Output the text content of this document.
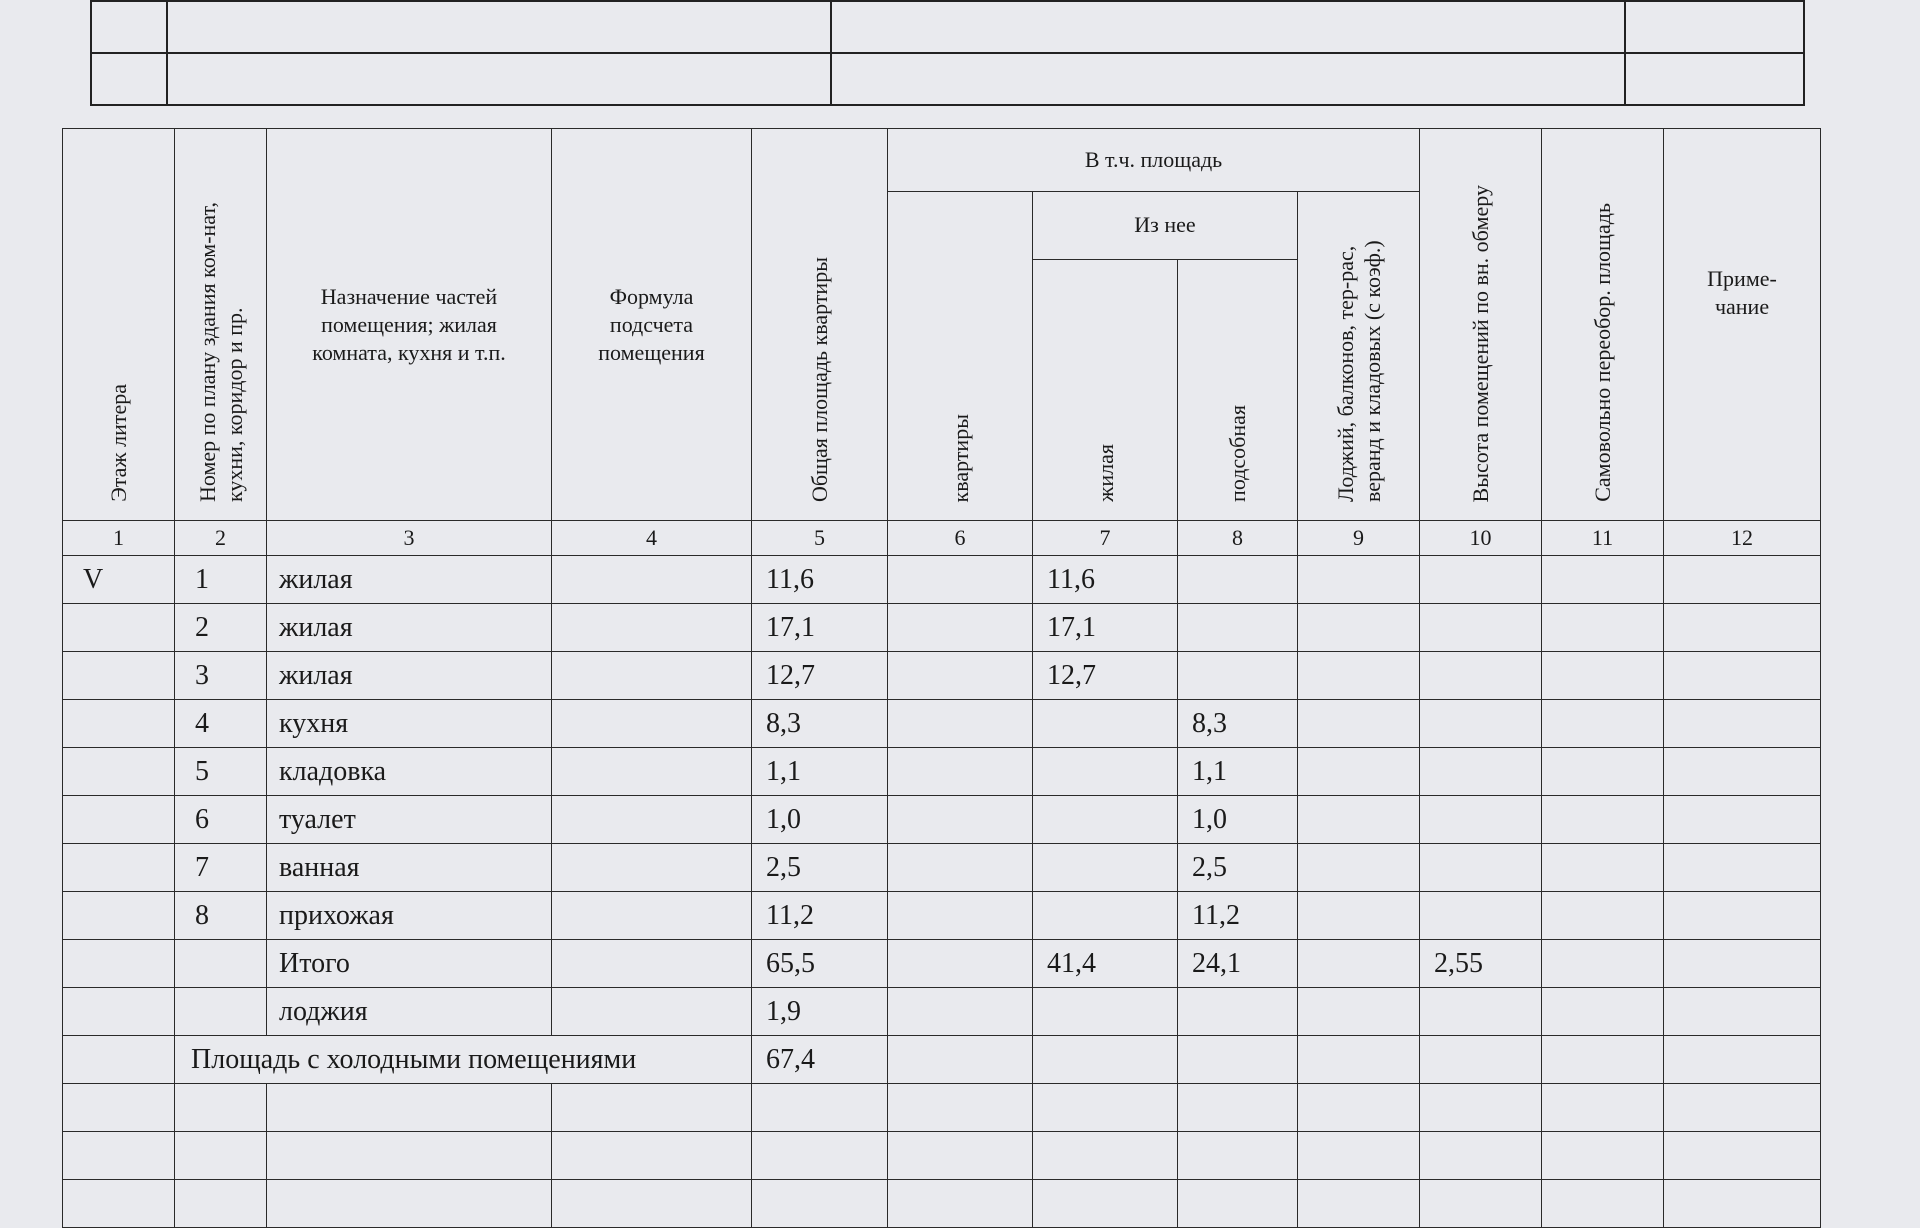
Этаж литера	Номер по плану здания ком-нат, кухни, коридор и пр.	Назначение частей помещения; жилая комната, кухня и т.п.	Формула подсчета помещения	Общая площадь квартиры	В т.ч. площадь				Высота помещений по вн. обмеру	Самовольно переобор. площадь	Приме-чание

					квартиры	Из нее		Лоджий, балконов, тер-рас, веранд и кладовых (с коэф.)			

						жилая	подсобная				

1	2	3	4	5	6	7	8	9	10	11	12
V	1	жилая		11,6		11,6					
	2	жилая		17,1		17,1					
	3	жилая		12,7		12,7					
	4	кухня		8,3			8,3				
	5	кладовка		1,1			1,1				
	6	туалет		1,0			1,0				
	7	ванная		2,5			2,5				
	8	прихожая		11,2			11,2				
		Итого		65,5		41,4	24,1		2,55		
		лоджия		1,9							
	Площадь с холодными помещениями			67,4							
